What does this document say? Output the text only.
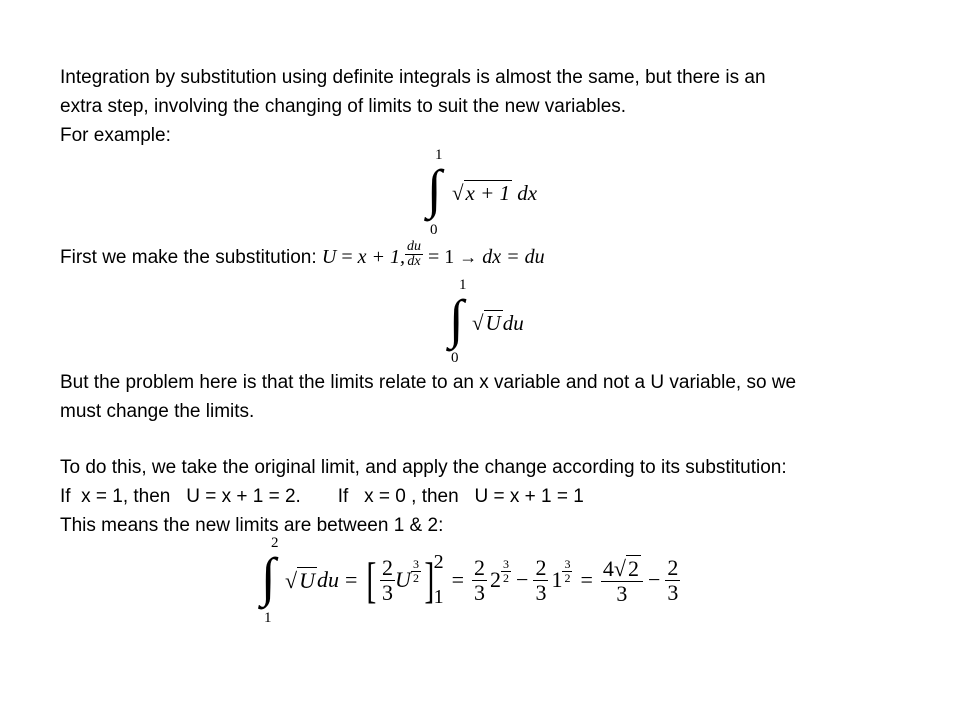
Integration by substitution using definite integrals is almost the same, but there is an
extra step, involving the changing of limits to suit the new variables.
For example:
1
∫
0
√x + 1 dx
First we make the substitution: U = x + 1, $\frac{du}{dx} = 1$ → dx = du
1
∫
0
√Udu
But the problem here is that the limits relate to an x variable and not a U variable, so we
must change the limits.
To do this, we take the original limit, and apply the change according to its substitution:
If  x = 1, then   U = x + 1 = 2.       If   x = 0 , then   U = x + 1 = 1
This means the new limits are between 1 & 2:
2
∫
1
√U du = [ $\frac{2}{3}$ U $\frac{3}{2}$ ] 2
1
= $\frac{2}{3} 2 \frac{3}{2} - \frac{2}{3} 1 \frac{3}{2} = \frac{4√2}{3} - \frac{2}{3}$
